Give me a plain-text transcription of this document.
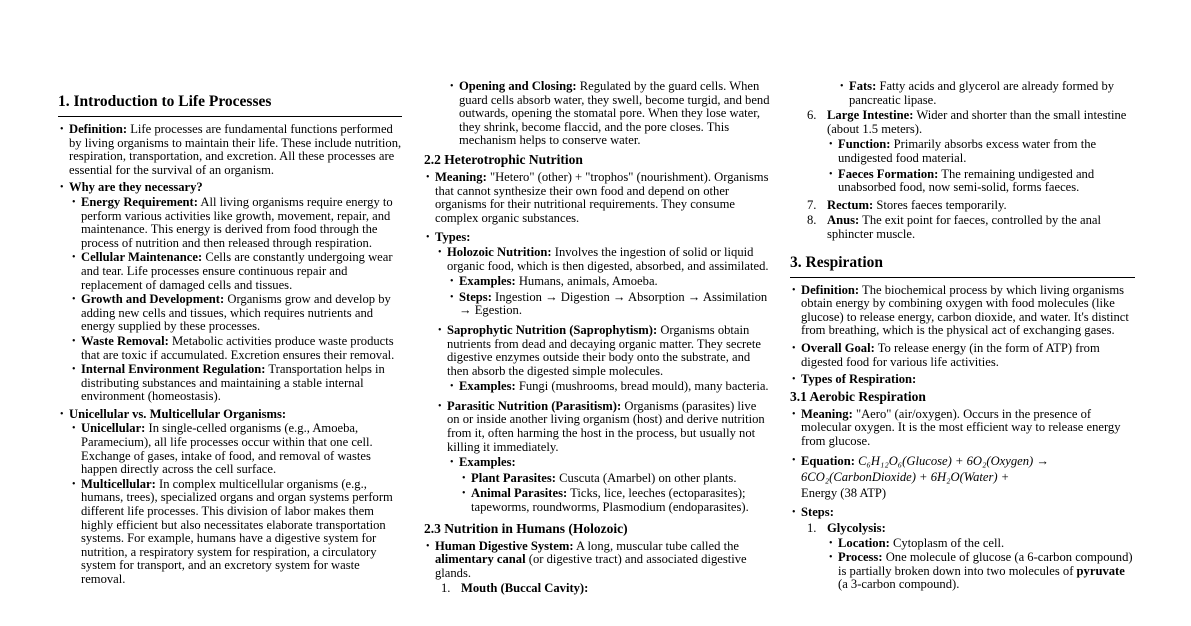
1. Introduction to Life Processes
• Definition: Life processes are fundamental functions performed by living organisms to maintain their life. These include nutrition, respiration, transportation, and excretion. All these processes are essential for the survival of an organism.
• Why are they necessary?
• Energy Requirement: All living organisms require energy to perform various activities like growth, movement, repair, and maintenance. This energy is derived from food through the process of nutrition and then released through respiration.
• Cellular Maintenance: Cells are constantly undergoing wear and tear. Life processes ensure continuous repair and replacement of damaged cells and tissues.
• Growth and Development: Organisms grow and develop by adding new cells and tissues, which requires nutrients and energy supplied by these processes.
• Waste Removal: Metabolic activities produce waste products that are toxic if accumulated. Excretion ensures their removal.
• Internal Environment Regulation: Transportation helps in distributing substances and maintaining a stable internal environment (homeostasis).
• Unicellular vs. Multicellular Organisms:
• Unicellular: In single-celled organisms (e.g., Amoeba, Paramecium), all life processes occur within that one cell. Exchange of gases, intake of food, and removal of wastes happen directly across the cell surface.
• Multicellular: In complex multicellular organisms (e.g., humans, trees), specialized organs and organ systems perform different life processes. This division of labor makes them highly efficient but also necessitates elaborate transportation systems. For example, humans have a digestive system for nutrition, a respiratory system for respiration, a circulatory system for transport, and an excretory system for waste removal.
• Opening and Closing: Regulated by the guard cells. When guard cells absorb water, they swell, become turgid, and bend outwards, opening the stomatal pore. When they lose water, they shrink, become flaccid, and the pore closes. This mechanism helps to conserve water.
2.2 Heterotrophic Nutrition
• Meaning: "Hetero" (other) + "trophos" (nourishment). Organisms that cannot synthesize their own food and depend on other organisms for their nutritional requirements. They consume complex organic substances.
• Types:
• Holozoic Nutrition: Involves the ingestion of solid or liquid organic food, which is then digested, absorbed, and assimilated.
• Examples: Humans, animals, Amoeba.
• Steps: Ingestion → Digestion → Absorption → Assimilation → Egestion.
• Saprophytic Nutrition (Saprophytism): Organisms obtain nutrients from dead and decaying organic matter. They secrete digestive enzymes outside their body onto the substrate, and then absorb the digested simple molecules.
• Examples: Fungi (mushrooms, bread mould), many bacteria.
• Parasitic Nutrition (Parasitism): Organisms (parasites) live on or inside another living organism (host) and derive nutrition from it, often harming the host in the process, but usually not killing it immediately.
• Examples:
• Plant Parasites: Cuscuta (Amarbel) on other plants.
• Animal Parasites: Ticks, lice, leeches (ectoparasites); tapeworms, roundworms, Plasmodium (endoparasites).
2.3 Nutrition in Humans (Holozoic)
• Human Digestive System: A long, muscular tube called the alimentary canal (or digestive tract) and associated digestive glands.
1. Mouth (Buccal Cavity):
• Fats: Fatty acids and glycerol are already formed by pancreatic lipase.
6. Large Intestine: Wider and shorter than the small intestine (about 1.5 meters).
• Function: Primarily absorbs excess water from the undigested food material.
• Faeces Formation: The remaining undigested and unabsorbed food, now semi-solid, forms faeces.
7. Rectum: Stores faeces temporarily.
8. Anus: The exit point for faeces, controlled by the anal sphincter muscle.
3. Respiration
• Definition: The biochemical process by which living organisms obtain energy by combining oxygen with food molecules (like glucose) to release energy, carbon dioxide, and water. It's distinct from breathing, which is the physical act of exchanging gases.
• Overall Goal: To release energy (in the form of ATP) from digested food for various life activities.
• Types of Respiration:
3.1 Aerobic Respiration
• Meaning: "Aero" (air/oxygen). Occurs in the presence of molecular oxygen. It is the most efficient way to release energy from glucose.
• Equation: C₆H₁₂O₆(Glucose) + 6O₂(Oxygen) →
6CO₂(CarbonDioxide) + 6H₂O(Water) +
Energy (38 ATP)
• Steps:
1. Glycolysis:
• Location: Cytoplasm of the cell.
• Process: One molecule of glucose (a 6-carbon compound) is partially broken down into two molecules of pyruvate (a 3-carbon compound).
